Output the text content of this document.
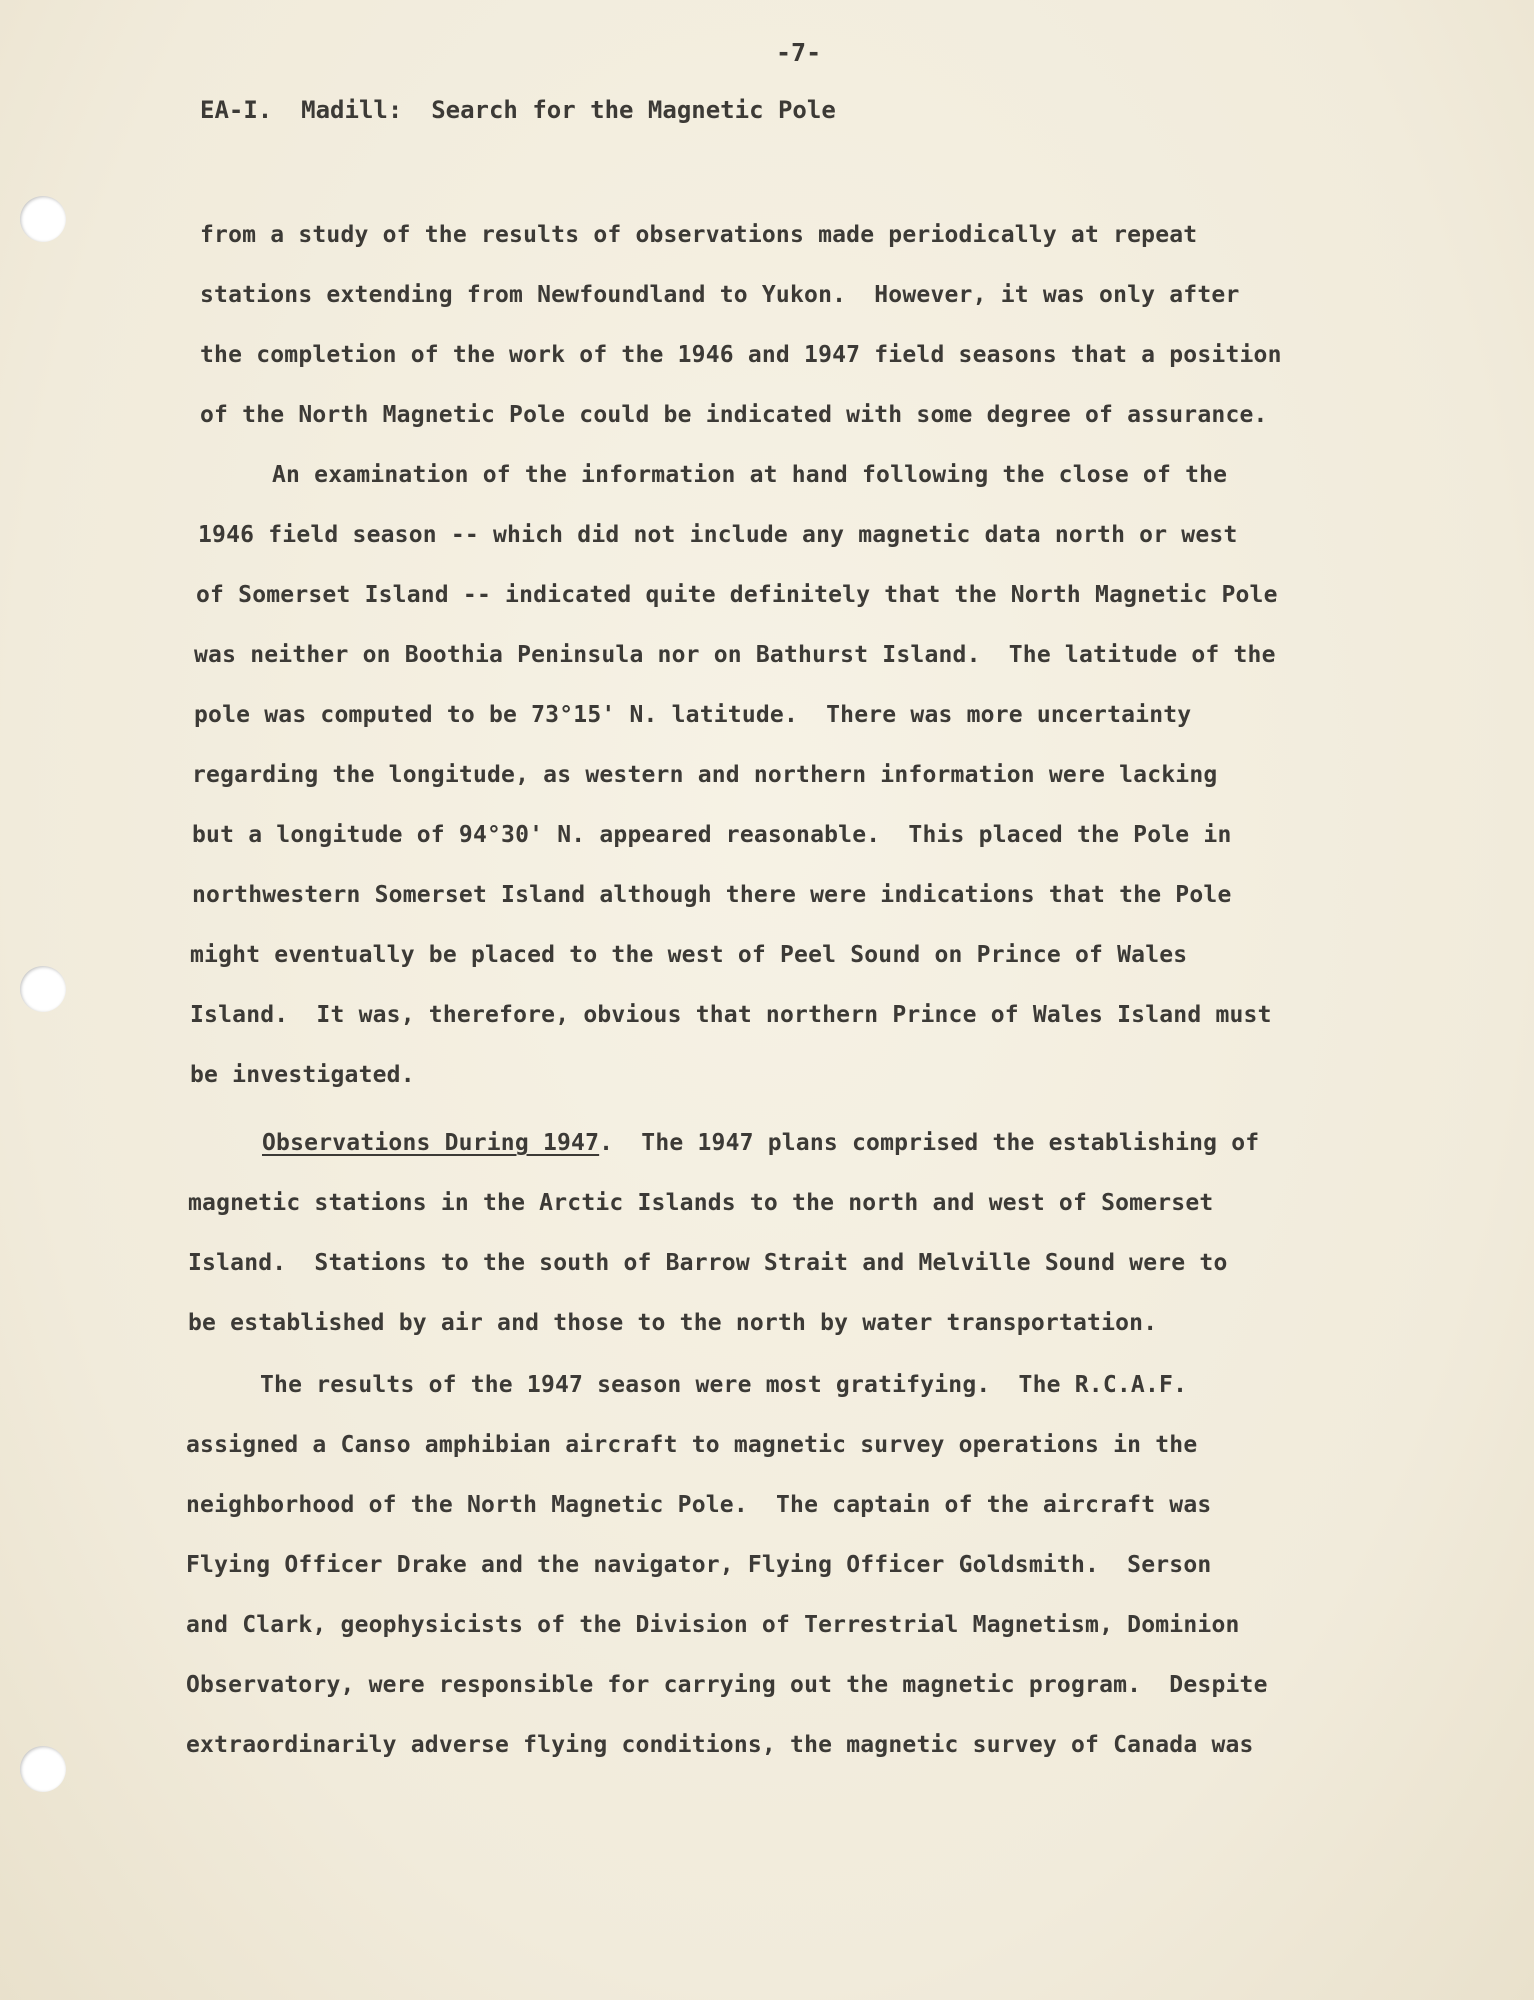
-7-
EA-I.  Madill:  Search for the Magnetic Pole
from a study of the results of observations made periodically at repeat
stations extending from Newfoundland to Yukon.  However, it was only after
the completion of the work of the 1946 and 1947 field seasons that a position
of the North Magnetic Pole could be indicated with some degree of assurance.
An examination of the information at hand following the close of the
1946 field season -- which did not include any magnetic data north or west
of Somerset Island -- indicated quite definitely that the North Magnetic Pole
was neither on Boothia Peninsula nor on Bathurst Island.  The latitude of the
pole was computed to be 73°15' N. latitude.  There was more uncertainty
regarding the longitude, as western and northern information were lacking
but a longitude of 94°30' N. appeared reasonable.  This placed the Pole in
northwestern Somerset Island although there were indications that the Pole
might eventually be placed to the west of Peel Sound on Prince of Wales
Island.  It was, therefore, obvious that northern Prince of Wales Island must
be investigated.
Observations During 1947.  The 1947 plans comprised the establishing of
magnetic stations in the Arctic Islands to the north and west of Somerset
Island.  Stations to the south of Barrow Strait and Melville Sound were to
be established by air and those to the north by water transportation.
The results of the 1947 season were most gratifying.  The R.C.A.F.
assigned a Canso amphibian aircraft to magnetic survey operations in the
neighborhood of the North Magnetic Pole.  The captain of the aircraft was
Flying Officer Drake and the navigator, Flying Officer Goldsmith.  Serson
and Clark, geophysicists of the Division of Terrestrial Magnetism, Dominion
Observatory, were responsible for carrying out the magnetic program.  Despite
extraordinarily adverse flying conditions, the magnetic survey of Canada was
